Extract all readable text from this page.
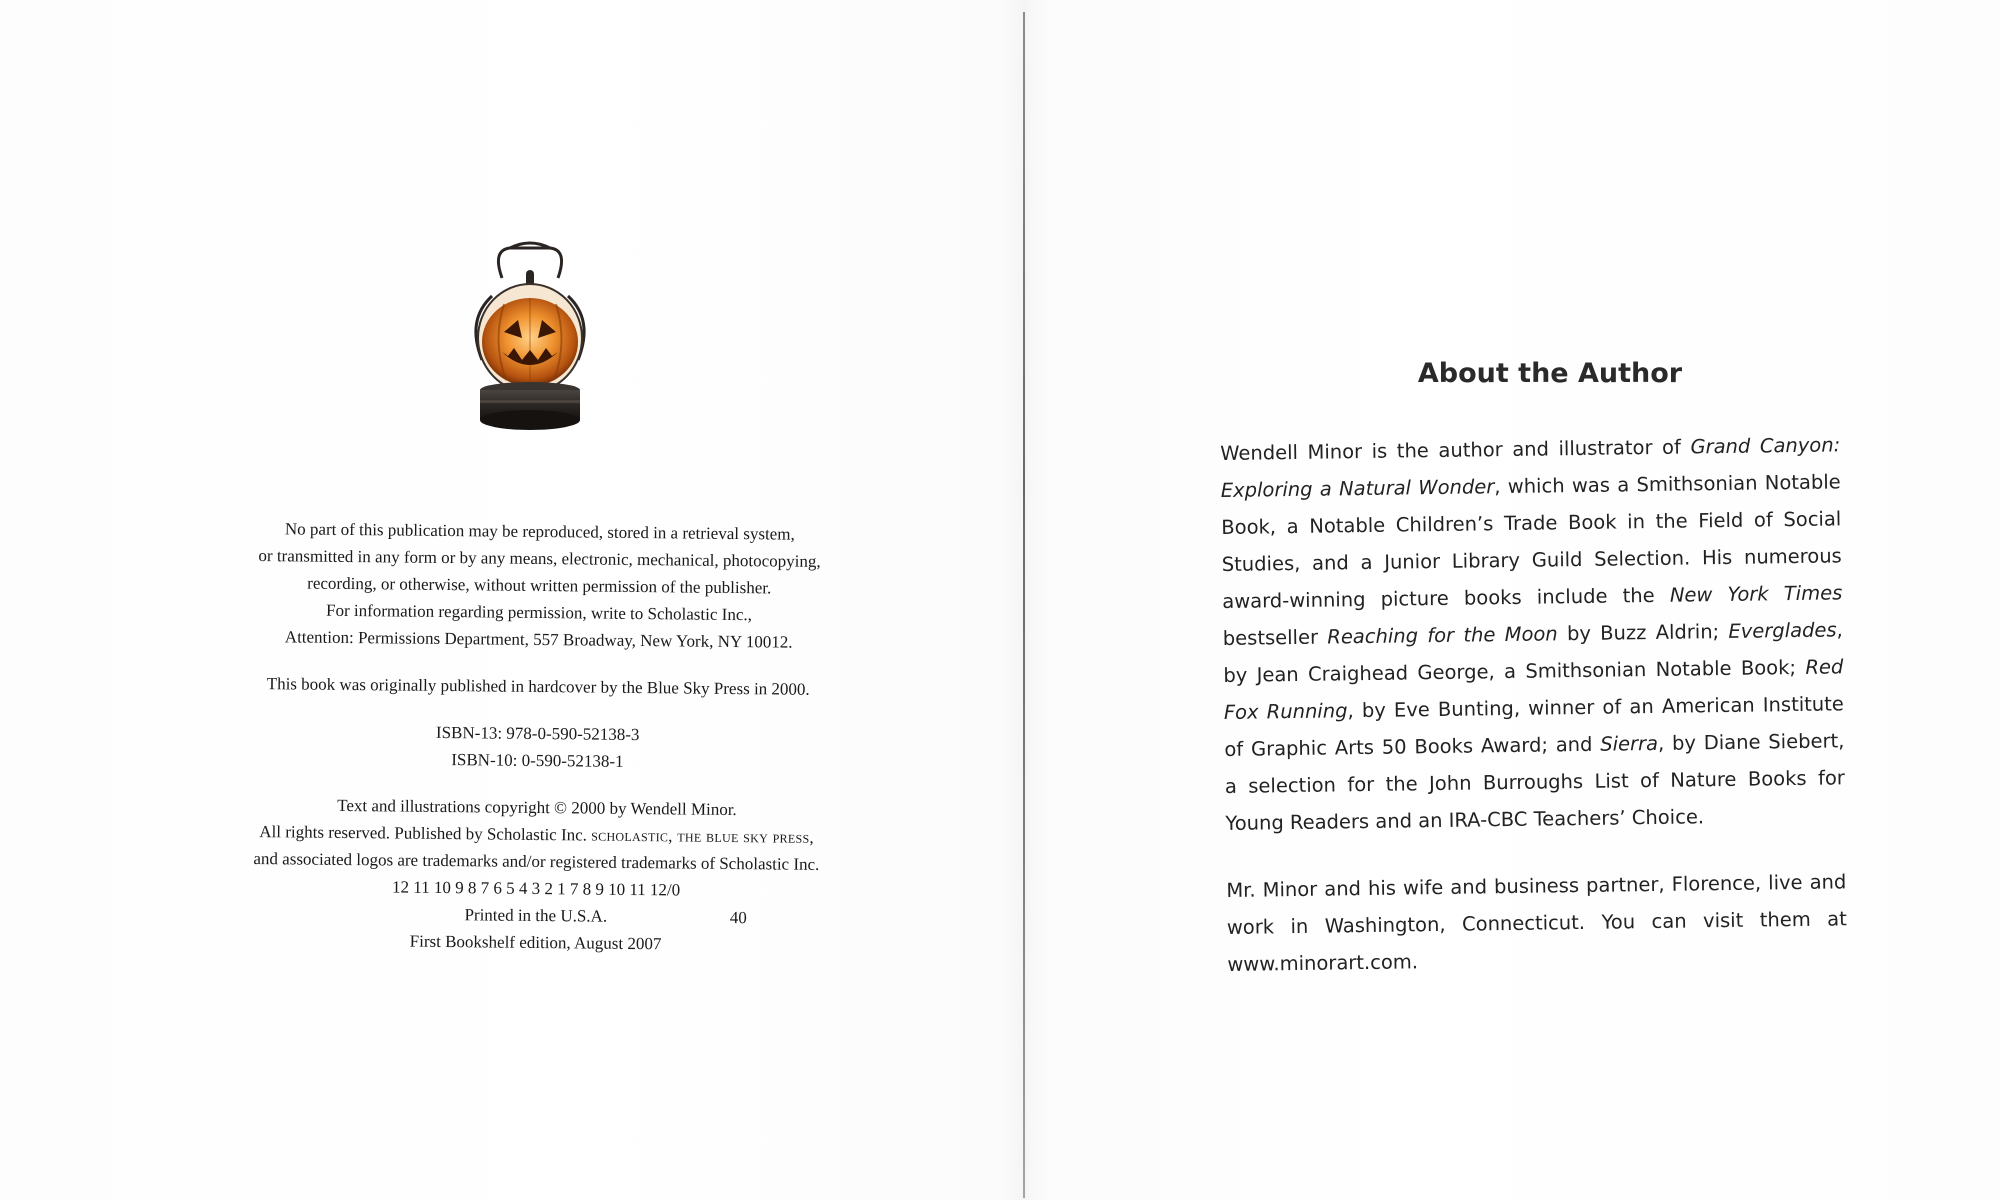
No part of this publication may be reproduced, stored in a retrieval system,

or transmitted in any form or by any means, electronic, mechanical, photocopying,

recording, or otherwise, without written permission of the publisher.

For information regarding permission, write to Scholastic Inc.,

Attention: Permissions Department, 557 Broadway, New York, NY 10012.

This book was originally published in hardcover by the Blue Sky Press in 2000.

ISBN-13: 978-0-590-52138-3

ISBN-10: 0-590-52138-1

Text and illustrations copyright © 2000 by Wendell Minor.

All rights reserved. Published by Scholastic Inc. scholastic, the blue sky press,

and associated logos are trademarks and/or registered trademarks of Scholastic Inc.

12 11 10 9 8 7 6 5 4 3 2 1 7 8 9 10 11 12/0

Printed in the U.S.A.	40

First Bookshelf edition, August 2007

About the Author

Wendell Minor is the author and illustrator of Grand Canyon: Exploring a Natural Wonder, which was a Smithsonian Notable Book, a Notable Children’s Trade Book in the Field of Social Studies, and a Junior Library Guild Selection. His numerous award-winning picture books include the New York Times bestseller Reaching for the Moon by Buzz Aldrin; Everglades, by Jean Craighead George, a Smithsonian Notable Book; Red Fox Running, by Eve Bunting, winner of an American Institute of Graphic Arts 50 Books Award; and Sierra, by Diane Siebert, a selection for the John Burroughs List of Nature Books for Young Readers and an IRA-CBC Teachers’ Choice.

Mr. Minor and his wife and business partner, Florence, live and work in Washington, Connecticut. You can visit them at www.minorart.com.
